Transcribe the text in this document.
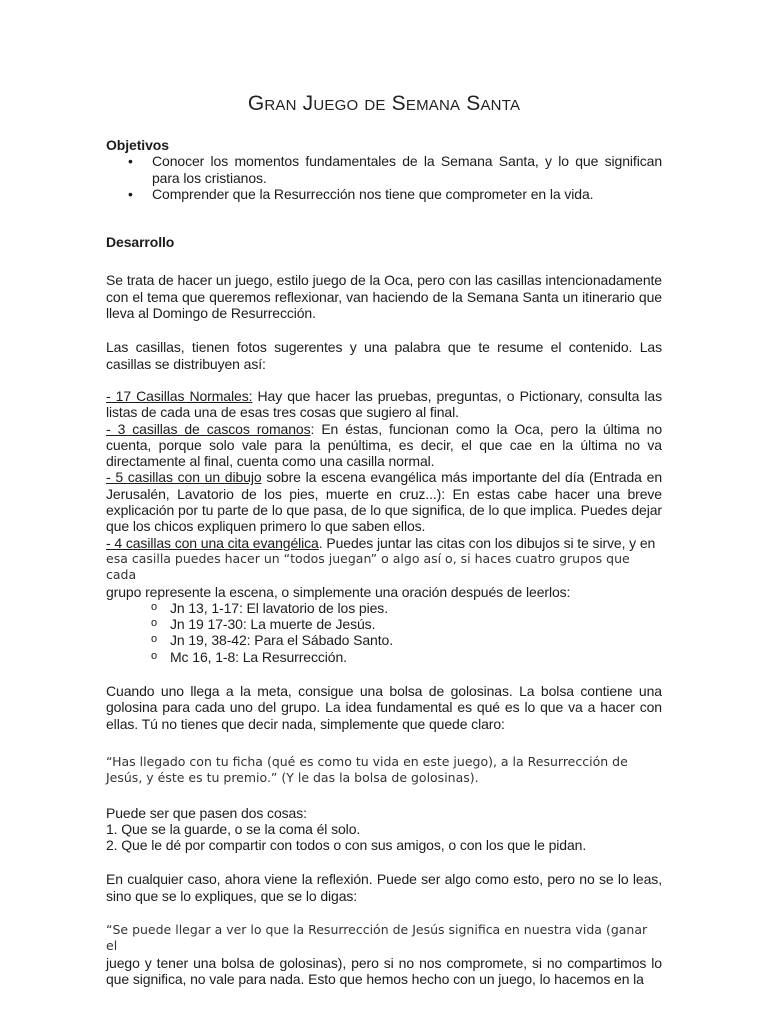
Gran Juego de Semana Santa

Objetivos

• Conocer los momentos fundamentales de la Semana Santa, y lo que significan para los cristianos.
• Comprender que la Resurrección nos tiene que comprometer en la vida.

Desarrollo

Se trata de hacer un juego, estilo juego de la Oca, pero con las casillas intencionadamente con el tema que queremos reflexionar, van haciendo de la Semana Santa un itinerario que lleva al Domingo de Resurrección.

Las casillas, tienen fotos sugerentes y una palabra que te resume el contenido. Las casillas se distribuyen así:

- 17 Casillas Normales: Hay que hacer las pruebas, preguntas, o Pictionary, consulta las listas de cada una de esas tres cosas que sugiero al final.

- 3 casillas de cascos romanos: En éstas, funcionan como la Oca, pero la última no cuenta, porque solo vale para la penúltima, es decir, el que cae en la última no va directamente al final, cuenta como una casilla normal.

- 5 casillas con un dibujo sobre la escena evangélica más importante del día (Entrada en Jerusalén, Lavatorio de los pies, muerte en cruz...): En estas cabe hacer una breve explicación por tu parte de lo que pasa, de lo que significa, de lo que implica. Puedes dejar que los chicos expliquen primero lo que saben ellos.

- 4 casillas con una cita evangélica. Puedes juntar las citas con los dibujos si te sirve, y en

esa casilla puedes hacer un “todos juegan” o algo así o, si haces cuatro grupos que cada

grupo represente la escena, o simplemente una oración después de leerlos:

o Jn 13, 1-17: El lavatorio de los pies.
o Jn 19 17-30: La muerte de Jesús.
o Jn 19, 38-42: Para el Sábado Santo.
o Mc 16, 1-8: La Resurrección.

Cuando uno llega a la meta, consigue una bolsa de golosinas. La bolsa contiene una golosina para cada uno del grupo. La idea fundamental es qué es lo que va a hacer con ellas. Tú no tienes que decir nada, simplemente que quede claro:

“Has llegado con tu ficha (qué es como tu vida en este juego), a la Resurrección de Jesús, y éste es tu premio.” (Y le das la bolsa de golosinas).

Puede ser que pasen dos cosas:

1. Que se la guarde, o se la coma él solo.

2. Que le dé por compartir con todos o con sus amigos, o con los que le pidan.

En cualquier caso, ahora viene la reflexión. Puede ser algo como esto, pero no se lo leas, sino que se lo expliques, que se lo digas:

“Se puede llegar a ver lo que la Resurrección de Jesús significa en nuestra vida (ganar el

juego y tener una bolsa de golosinas), pero si no nos compromete, si no compartimos lo que significa, no vale para nada. Esto que hemos hecho con un juego, lo hacemos en la
